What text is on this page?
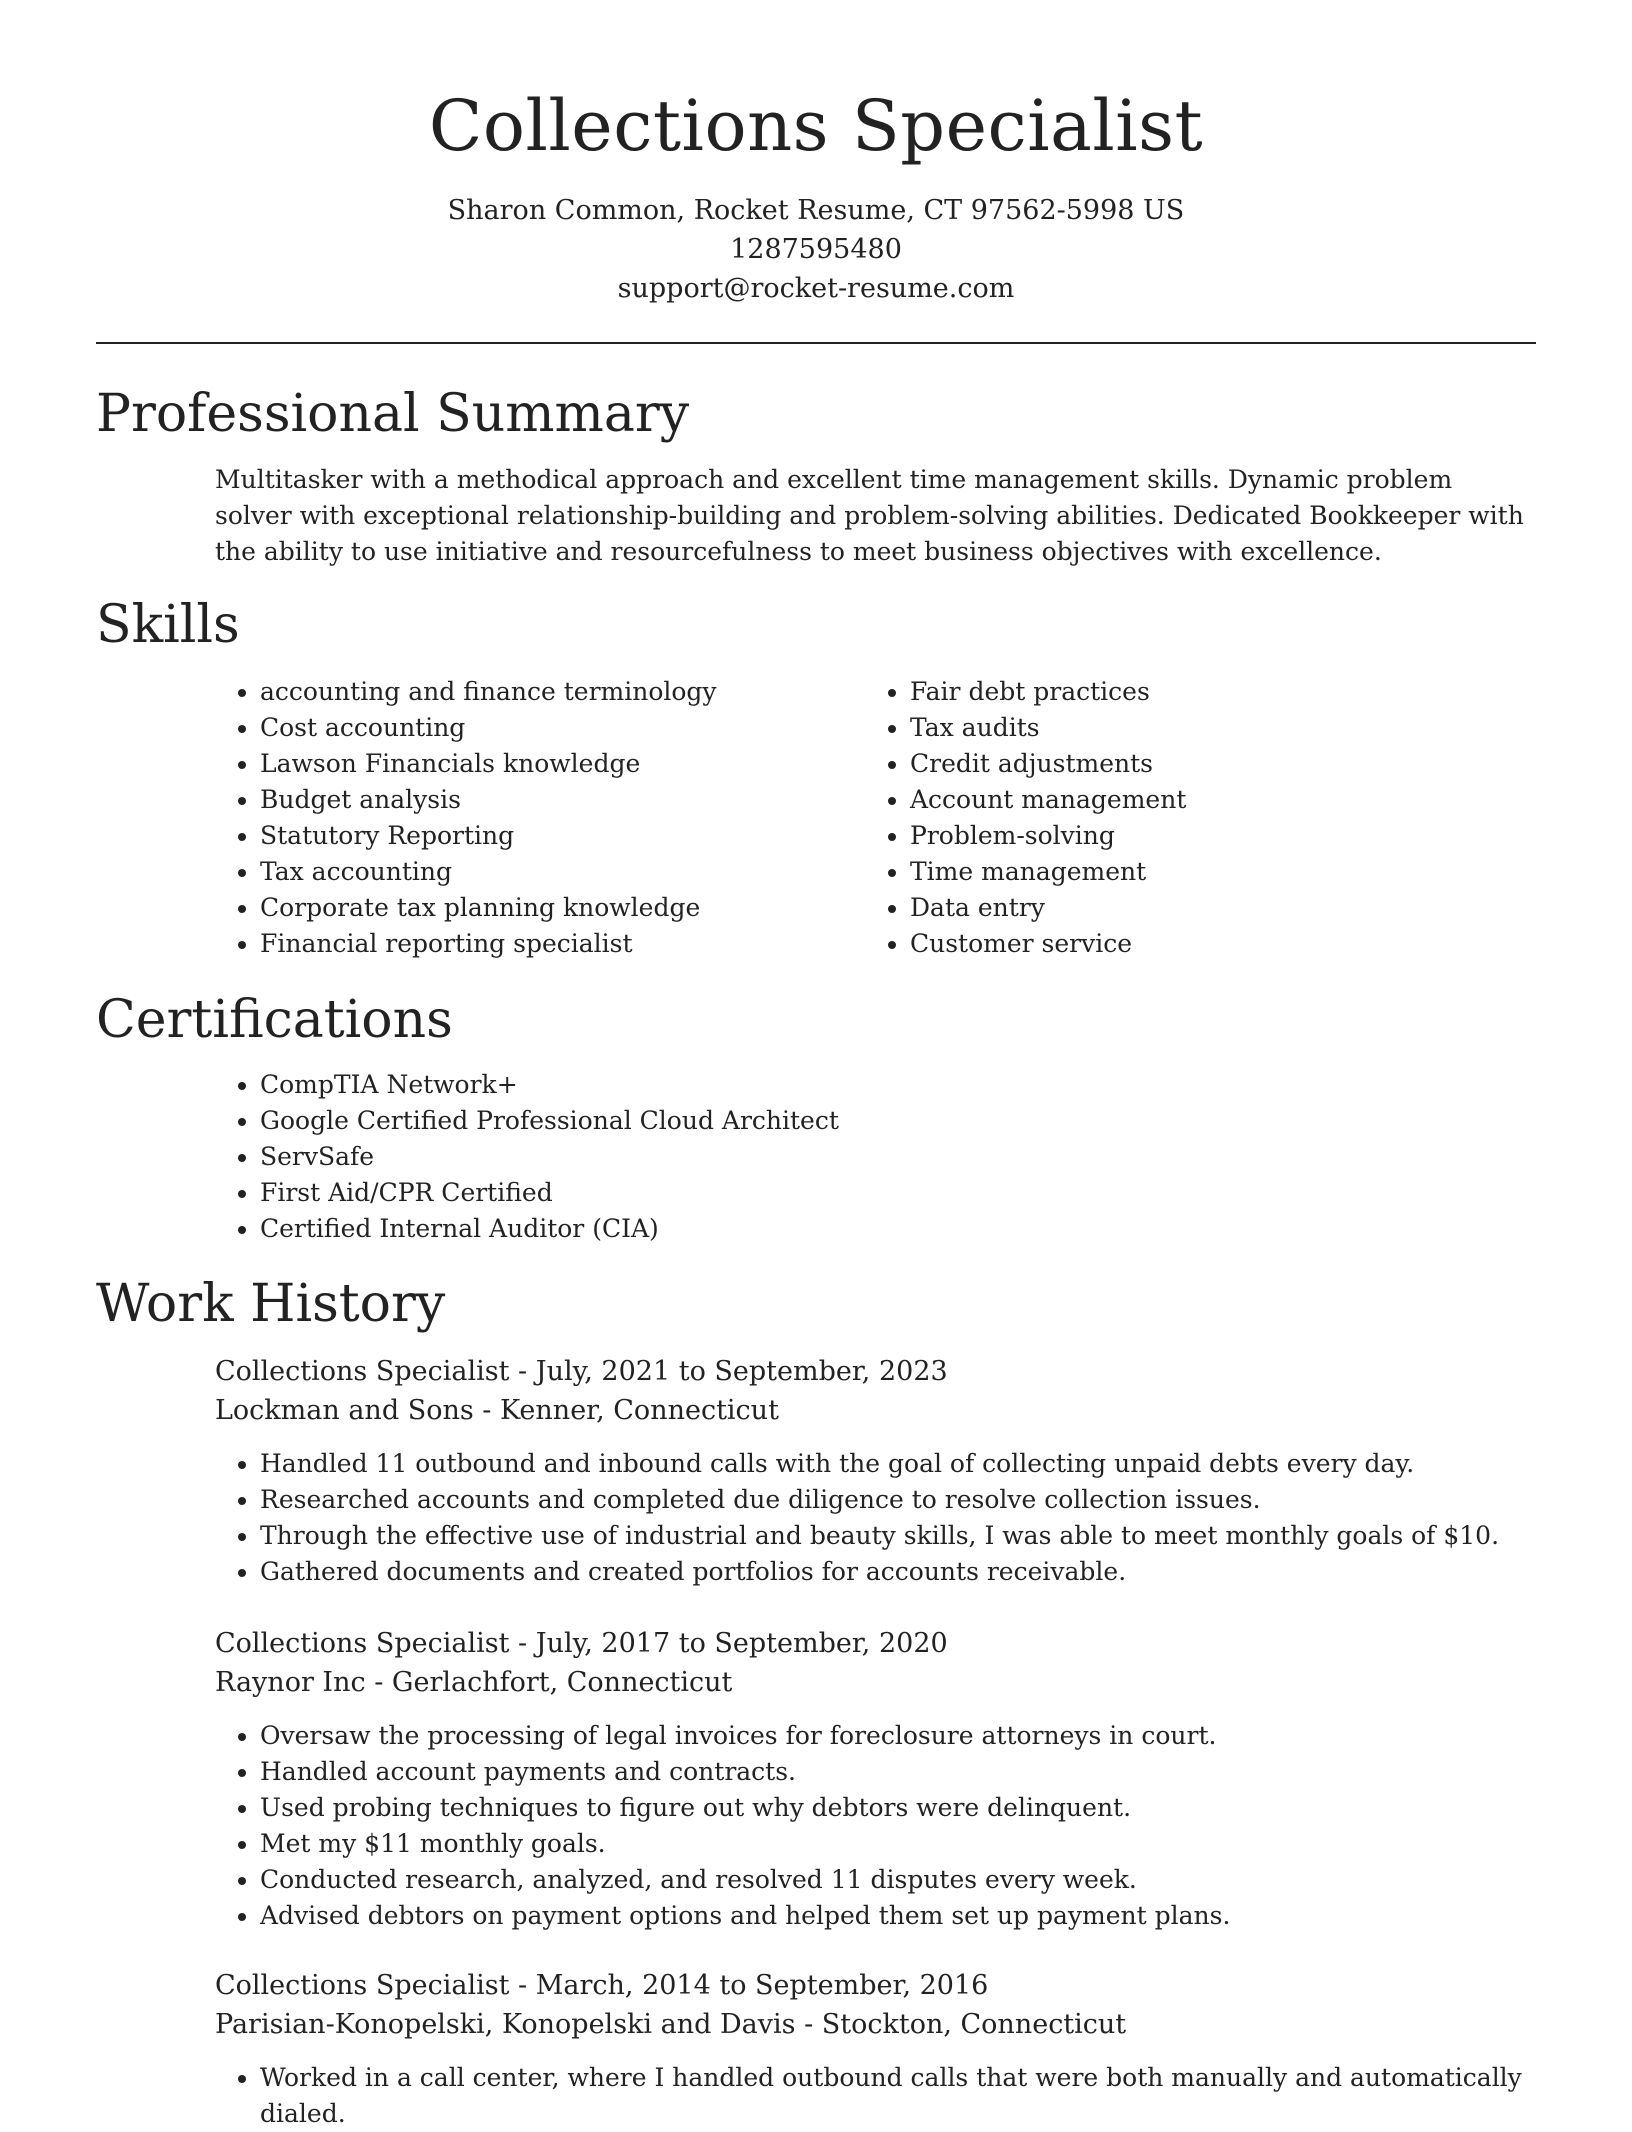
Collections Specialist
Sharon Common, Rocket Resume, CT 97562-5998 US
1287595480
support@rocket-resume.com
Professional Summary

Multitasker with a methodical approach and excellent time management skills. Dynamic problem solver with exceptional relationship-building and problem-solving abilities. Dedicated Bookkeeper with the ability to use initiative and resourcefulness to meet business objectives with excellence.

Skills
• accounting and finance terminology
• Cost accounting
• Lawson Financials knowledge
• Budget analysis
• Statutory Reporting
• Tax accounting
• Corporate tax planning knowledge
• Financial reporting specialist
• Fair debt practices
• Tax audits
• Credit adjustments
• Account management
• Problem-solving
• Time management
• Data entry
• Customer service
Certifications
• CompTIA Network+
• Google Certified Professional Cloud Architect
• ServSafe
• First Aid/CPR Certified
• Certified Internal Auditor (CIA)
Work History
Collections Specialist - July, 2021 to September, 2023
Lockman and Sons - Kenner, Connecticut
• Handled 11 outbound and inbound calls with the goal of collecting unpaid debts every day.
• Researched accounts and completed due diligence to resolve collection issues.
• Through the effective use of industrial and beauty skills, I was able to meet monthly goals of $10.
• Gathered documents and created portfolios for accounts receivable.
Collections Specialist - July, 2017 to September, 2020
Raynor Inc - Gerlachfort, Connecticut
• Oversaw the processing of legal invoices for foreclosure attorneys in court.
• Handled account payments and contracts.
• Used probing techniques to figure out why debtors were delinquent.
• Met my $11 monthly goals.
• Conducted research, analyzed, and resolved 11 disputes every week.
• Advised debtors on payment options and helped them set up payment plans.
Collections Specialist - March, 2014 to September, 2016
Parisian-Konopelski, Konopelski and Davis - Stockton, Connecticut
• Worked in a call center, where I handled outbound calls that were both manually and automatically dialed.
